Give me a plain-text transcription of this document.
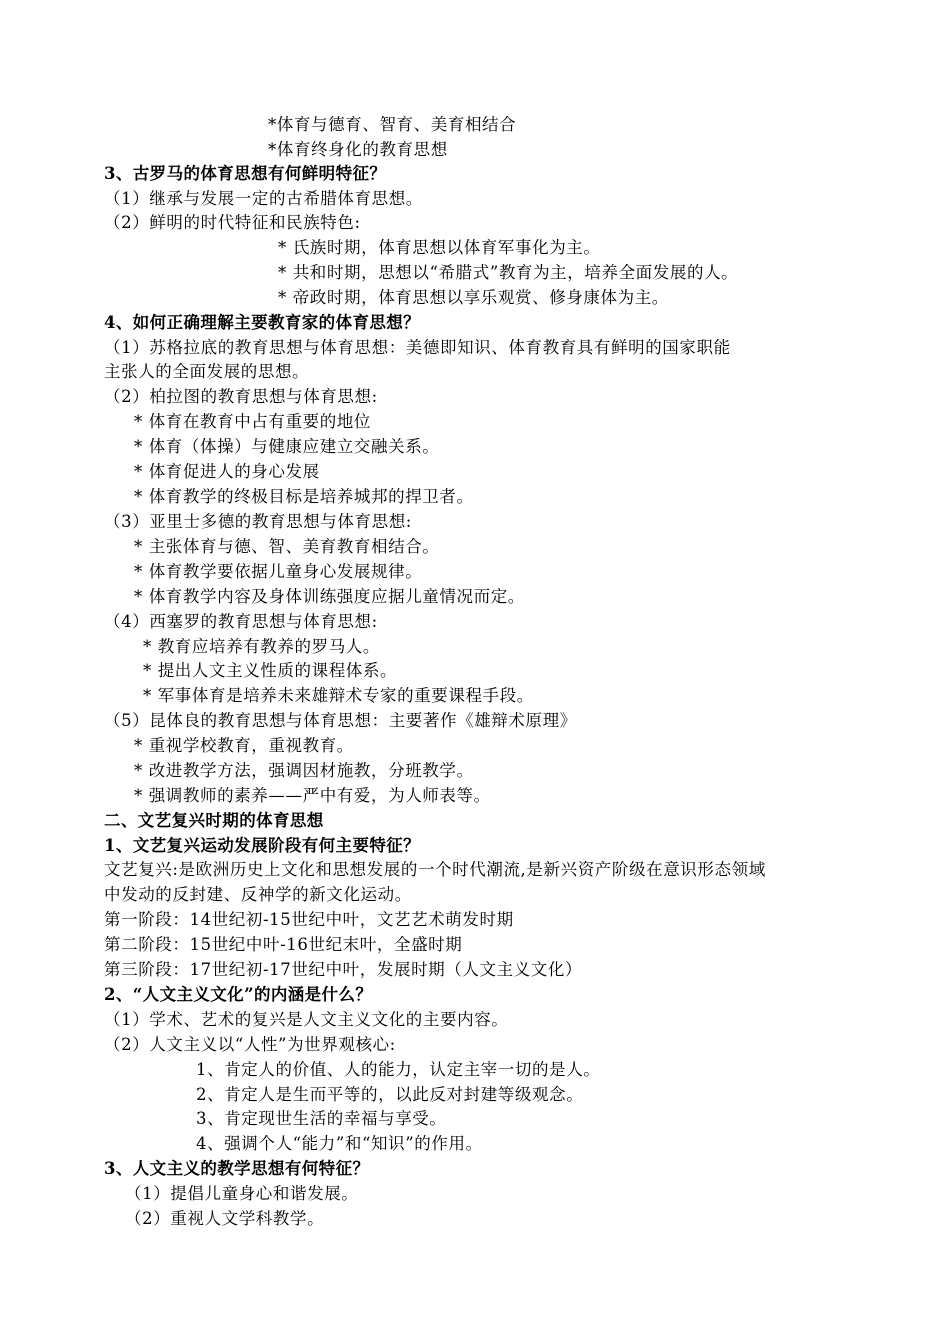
*体育与德育、智育、美育相结合
*体育终身化的教育思想
3、古罗马的体育思想有何鲜明特征？
（1）继承与发展一定的古希腊体育思想。
（2）鲜明的时代特征和民族特色:
* 氏族时期，体育思想以体育军事化为主。
* 共和时期，思想以“希腊式”教育为主，培养全面发展的人。
* 帝政时期，体育思想以享乐观赏、修身康体为主。
4、如何正确理解主要教育家的体育思想？
（1）苏格拉底的教育思想与体育思想：美德即知识、体育教育具有鲜明的国家职能
主张人的全面发展的思想。
（2）柏拉图的教育思想与体育思想:
* 体育在教育中占有重要的地位
* 体育（体操）与健康应建立交融关系。
* 体育促进人的身心发展
* 体育教学的终极目标是培养城邦的捍卫者。
（3）亚里士多德的教育思想与体育思想:
* 主张体育与德、智、美育教育相结合。
* 体育教学要依据儿童身心发展规律。
* 体育教学内容及身体训练强度应据儿童情况而定。
（4）西塞罗的教育思想与体育思想:
* 教育应培养有教养的罗马人。
* 提出人文主义性质的课程体系。
* 军事体育是培养未来雄辩术专家的重要课程手段。
（5）昆体良的教育思想与体育思想：主要著作《雄辩术原理》
* 重视学校教育，重视教育。
* 改进教学方法，强调因材施教，分班教学。
* 强调教师的素养——严中有爱，为人师表等。
二、文艺复兴时期的体育思想
1、文艺复兴运动发展阶段有何主要特征？
文艺复兴:是欧洲历史上文化和思想发展的一个时代潮流,是新兴资产阶级在意识形态领域
中发动的反封建、反神学的新文化运动。
第一阶段：14世纪初-15世纪中叶，文艺艺术萌发时期
第二阶段：15世纪中叶-16世纪末叶，全盛时期
第三阶段：17世纪初-17世纪中叶，发展时期（人文主义文化）
2、“人文主义文化”的内涵是什么？
（1）学术、艺术的复兴是人文主义文化的主要内容。
（2）人文主义以“人性”为世界观核心:
1、肯定人的价值、人的能力，认定主宰一切的是人。
2、肯定人是生而平等的，以此反对封建等级观念。
3、肯定现世生活的幸福与享受。
4、强调个人“能力”和“知识”的作用。
3、人文主义的教学思想有何特征？
（1）提倡儿童身心和谐发展。
（2）重视人文学科教学。
